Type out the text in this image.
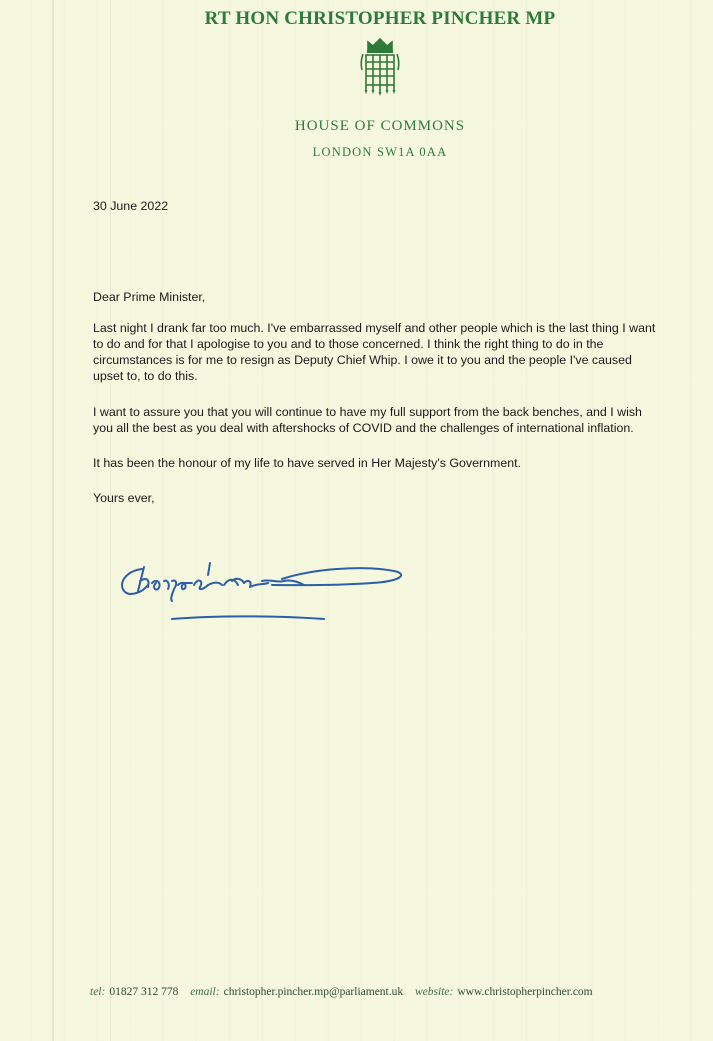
RT HON CHRISTOPHER PINCHER MP
HOUSE OF COMMONS
LONDON SW1A 0AA
30 June 2022
Dear Prime Minister,
Last night I drank far too much. I've embarrassed myself and other people which is the last thing I want to do and for that I apologise to you and to those concerned. I think the right thing to do in the circumstances is for me to resign as Deputy Chief Whip. I owe it to you and the people I've caused upset to, to do this.
I want to assure you that you will continue to have my full support from the back benches, and I wish you all the best as you deal with aftershocks of COVID and the challenges of international inflation.
It has been the honour of my life to have served in Her Majesty's Government.
Yours ever,
tel: 01827 312 778 email: christopher.pincher.mp@parliament.uk website: www.christopherpincher.com
